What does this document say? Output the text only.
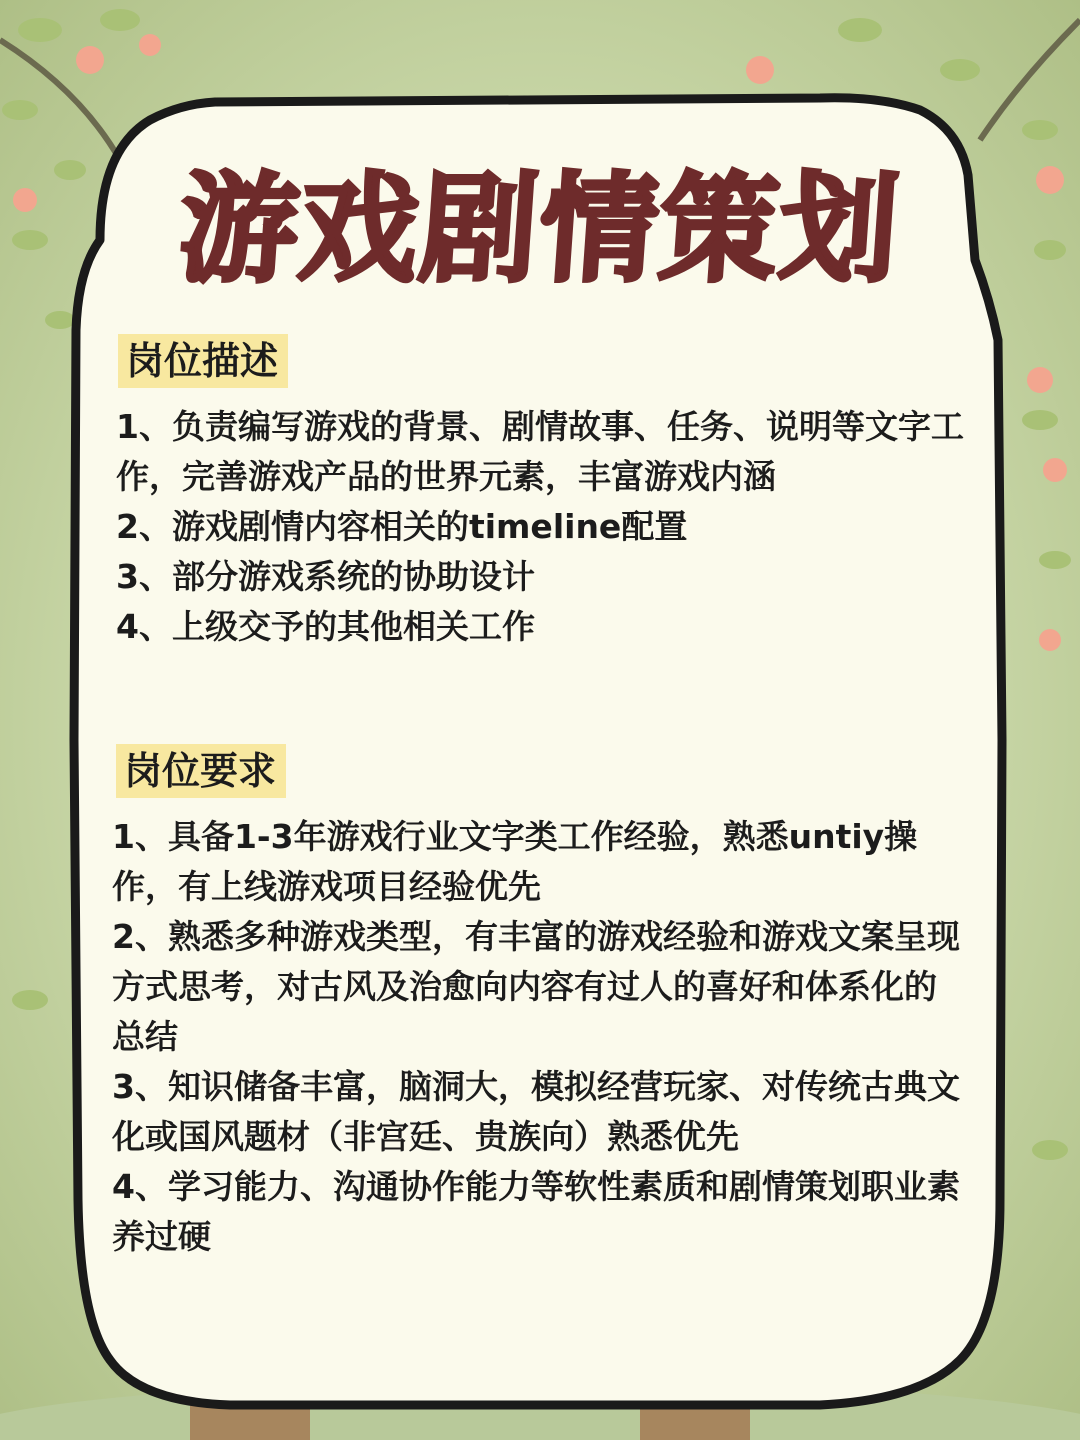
游戏剧情策划
岗位描述
1、负责编写游戏的背景、剧情故事、任务、说明等文字工作，完善游戏产品的世界元素，丰富游戏内涵
2、游戏剧情内容相关的timeline配置
3、部分游戏系统的协助设计
4、上级交予的其他相关工作
岗位要求
1、具备1-3年游戏行业文字类工作经验，熟悉untiy操作，有上线游戏项目经验优先
2、熟悉多种游戏类型，有丰富的游戏经验和游戏文案呈现方式思考，对古风及治愈向内容有过人的喜好和体系化的总结
3、知识储备丰富，脑洞大，模拟经营玩家、对传统古典文化或国风题材（非宫廷、贵族向）熟悉优先
4、学习能力、沟通协作能力等软性素质和剧情策划职业素养过硬
